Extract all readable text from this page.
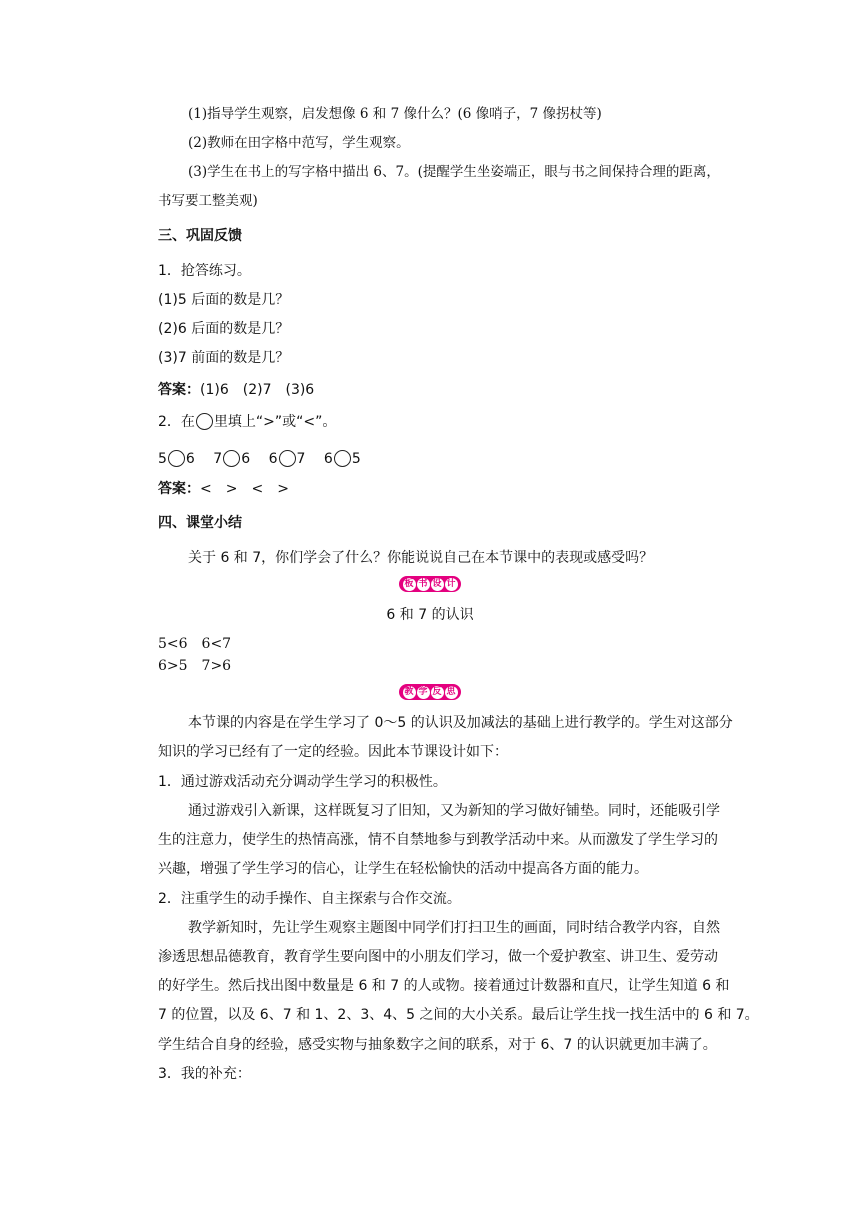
(1)指导学生观察，启发想像 6 和 7 像什么？(6 像哨子，7 像拐杖等)
(2)教师在田字格中范写，学生观察。
(3)学生在书上的写字格中描出 6、7。(提醒学生坐姿端正，眼与书之间保持合理的距离，
书写要工整美观)
三、巩固反馈
1．抢答练习。
(1)5 后面的数是几？
(2)6 后面的数是几？
(3)7 前面的数是几？
答案：(1)6　(2)7　(3)6
2．在 里填上“>”或“<”。
5 6 7 6 6 7 6 5
答案：<　>　<　>
四、课堂小结
关于 6 和 7，你们学会了什么？你能说说自己在本节课中的表现或感受吗？
板 书 设 计
6 和 7 的认识
5<6　6<7
6>5　7>6
教 学 反 思
本节课的内容是在学生学习了 0～5 的认识及加减法的基础上进行教学的。学生对这部分
知识的学习已经有了一定的经验。因此本节课设计如下：
1．通过游戏活动充分调动学生学习的积极性。
通过游戏引入新课，这样既复习了旧知，又为新知的学习做好铺垫。同时，还能吸引学
生的注意力，使学生的热情高涨，情不自禁地参与到教学活动中来。从而激发了学生学习的
兴趣，增强了学生学习的信心，让学生在轻松愉快的活动中提高各方面的能力。
2．注重学生的动手操作、自主探索与合作交流。
教学新知时，先让学生观察主题图中同学们打扫卫生的画面，同时结合教学内容，自然
渗透思想品德教育，教育学生要向图中的小朋友们学习，做一个爱护教室、讲卫生、爱劳动
的好学生。然后找出图中数量是 6 和 7 的人或物。接着通过计数器和直尺，让学生知道 6 和
7 的位置，以及 6、7 和 1、2、3、4、5 之间的大小关系。最后让学生找一找生活中的 6 和 7。
学生结合自身的经验，感受实物与抽象数字之间的联系，对于 6、7 的认识就更加丰满了。
3．我的补充：
